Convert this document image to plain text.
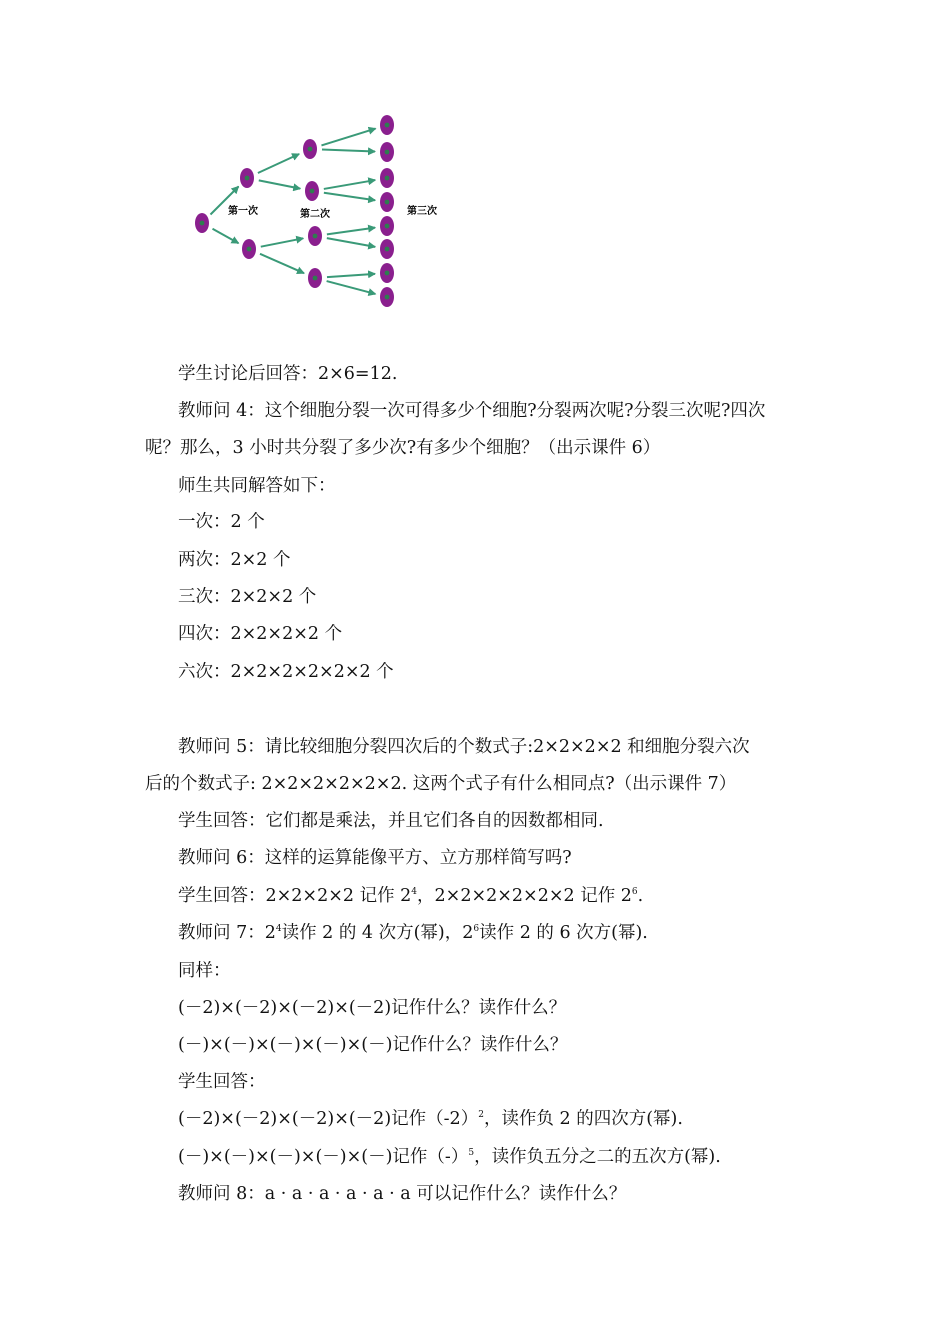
第一次	第二次	第三次
学生讨论后回答：2×6=12.
教师问 4：这个细胞分裂一次可得多少个细胞?分裂两次呢?分裂三次呢?四次
呢？那么，3 小时共分裂了多少次?有多少个细胞？（出示课件 6）
师生共同解答如下：
一次：2 个
两次：2×2 个
三次：2×2×2 个
四次：2×2×2×2 个
六次：2×2×2×2×2×2 个
教师问 5：请比较细胞分裂四次后的个数式子:2×2×2×2 和细胞分裂六次
后的个数式子: 2×2×2×2×2×2. 这两个式子有什么相同点?（出示课件 7）
学生回答：它们都是乘法，并且它们各自的因数都相同.
教师问 6：这样的运算能像平方、立方那样简写吗?
学生回答：2×2×2×2 记作 $2^4$，2×2×2×2×2×2 记作 $2^6$.
教师问 7：$2^4$读作 2 的 4 次方(幂)，$2^6$读作 2 的 6 次方(幂).
同样：
(－2)×(－2)×(－2)×(－2)记作什么？读作什么？
(－)×(－)×(－)×(－)×(－)记作什么？读作什么？
学生回答：
(－2)×(－2)×(－2)×(－2)记作$(-2)^2$，读作负 2 的四次方(幂).
(－)×(－)×(－)×(－)×(－)记作$(-)^5$，读作负五分之二的五次方(幂).
教师问 8：a · a · a · a · a · a 可以记作什么？读作什么？
